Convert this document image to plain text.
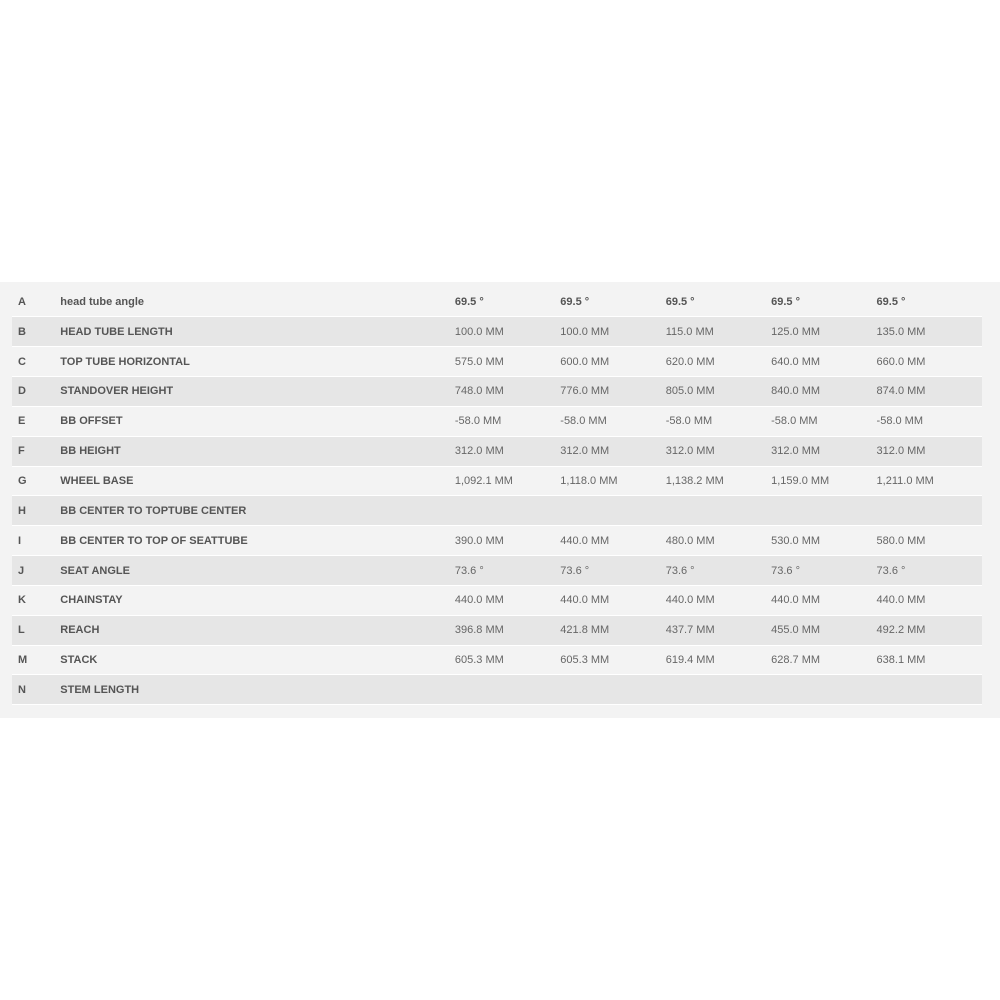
A	head tube angle	69.5 °	69.5 °	69.5 °	69.5 °	69.5 °
B	HEAD TUBE LENGTH	100.0 MM	100.0 MM	115.0 MM	125.0 MM	135.0 MM
C	TOP TUBE HORIZONTAL	575.0 MM	600.0 MM	620.0 MM	640.0 MM	660.0 MM
D	STANDOVER HEIGHT	748.0 MM	776.0 MM	805.0 MM	840.0 MM	874.0 MM
E	BB OFFSET	-58.0 MM	-58.0 MM	-58.0 MM	-58.0 MM	-58.0 MM
F	BB HEIGHT	312.0 MM	312.0 MM	312.0 MM	312.0 MM	312.0 MM
G	WHEEL BASE	1,092.1 MM	1,118.0 MM	1,138.2 MM	1,159.0 MM	1,211.0 MM
H	BB CENTER TO TOPTUBE CENTER					
I	BB CENTER TO TOP OF SEATTUBE	390.0 MM	440.0 MM	480.0 MM	530.0 MM	580.0 MM
J	SEAT ANGLE	73.6 °	73.6 °	73.6 °	73.6 °	73.6 °
K	CHAINSTAY	440.0 MM	440.0 MM	440.0 MM	440.0 MM	440.0 MM
L	REACH	396.8 MM	421.8 MM	437.7 MM	455.0 MM	492.2 MM
M	STACK	605.3 MM	605.3 MM	619.4 MM	628.7 MM	638.1 MM
N	STEM LENGTH					
